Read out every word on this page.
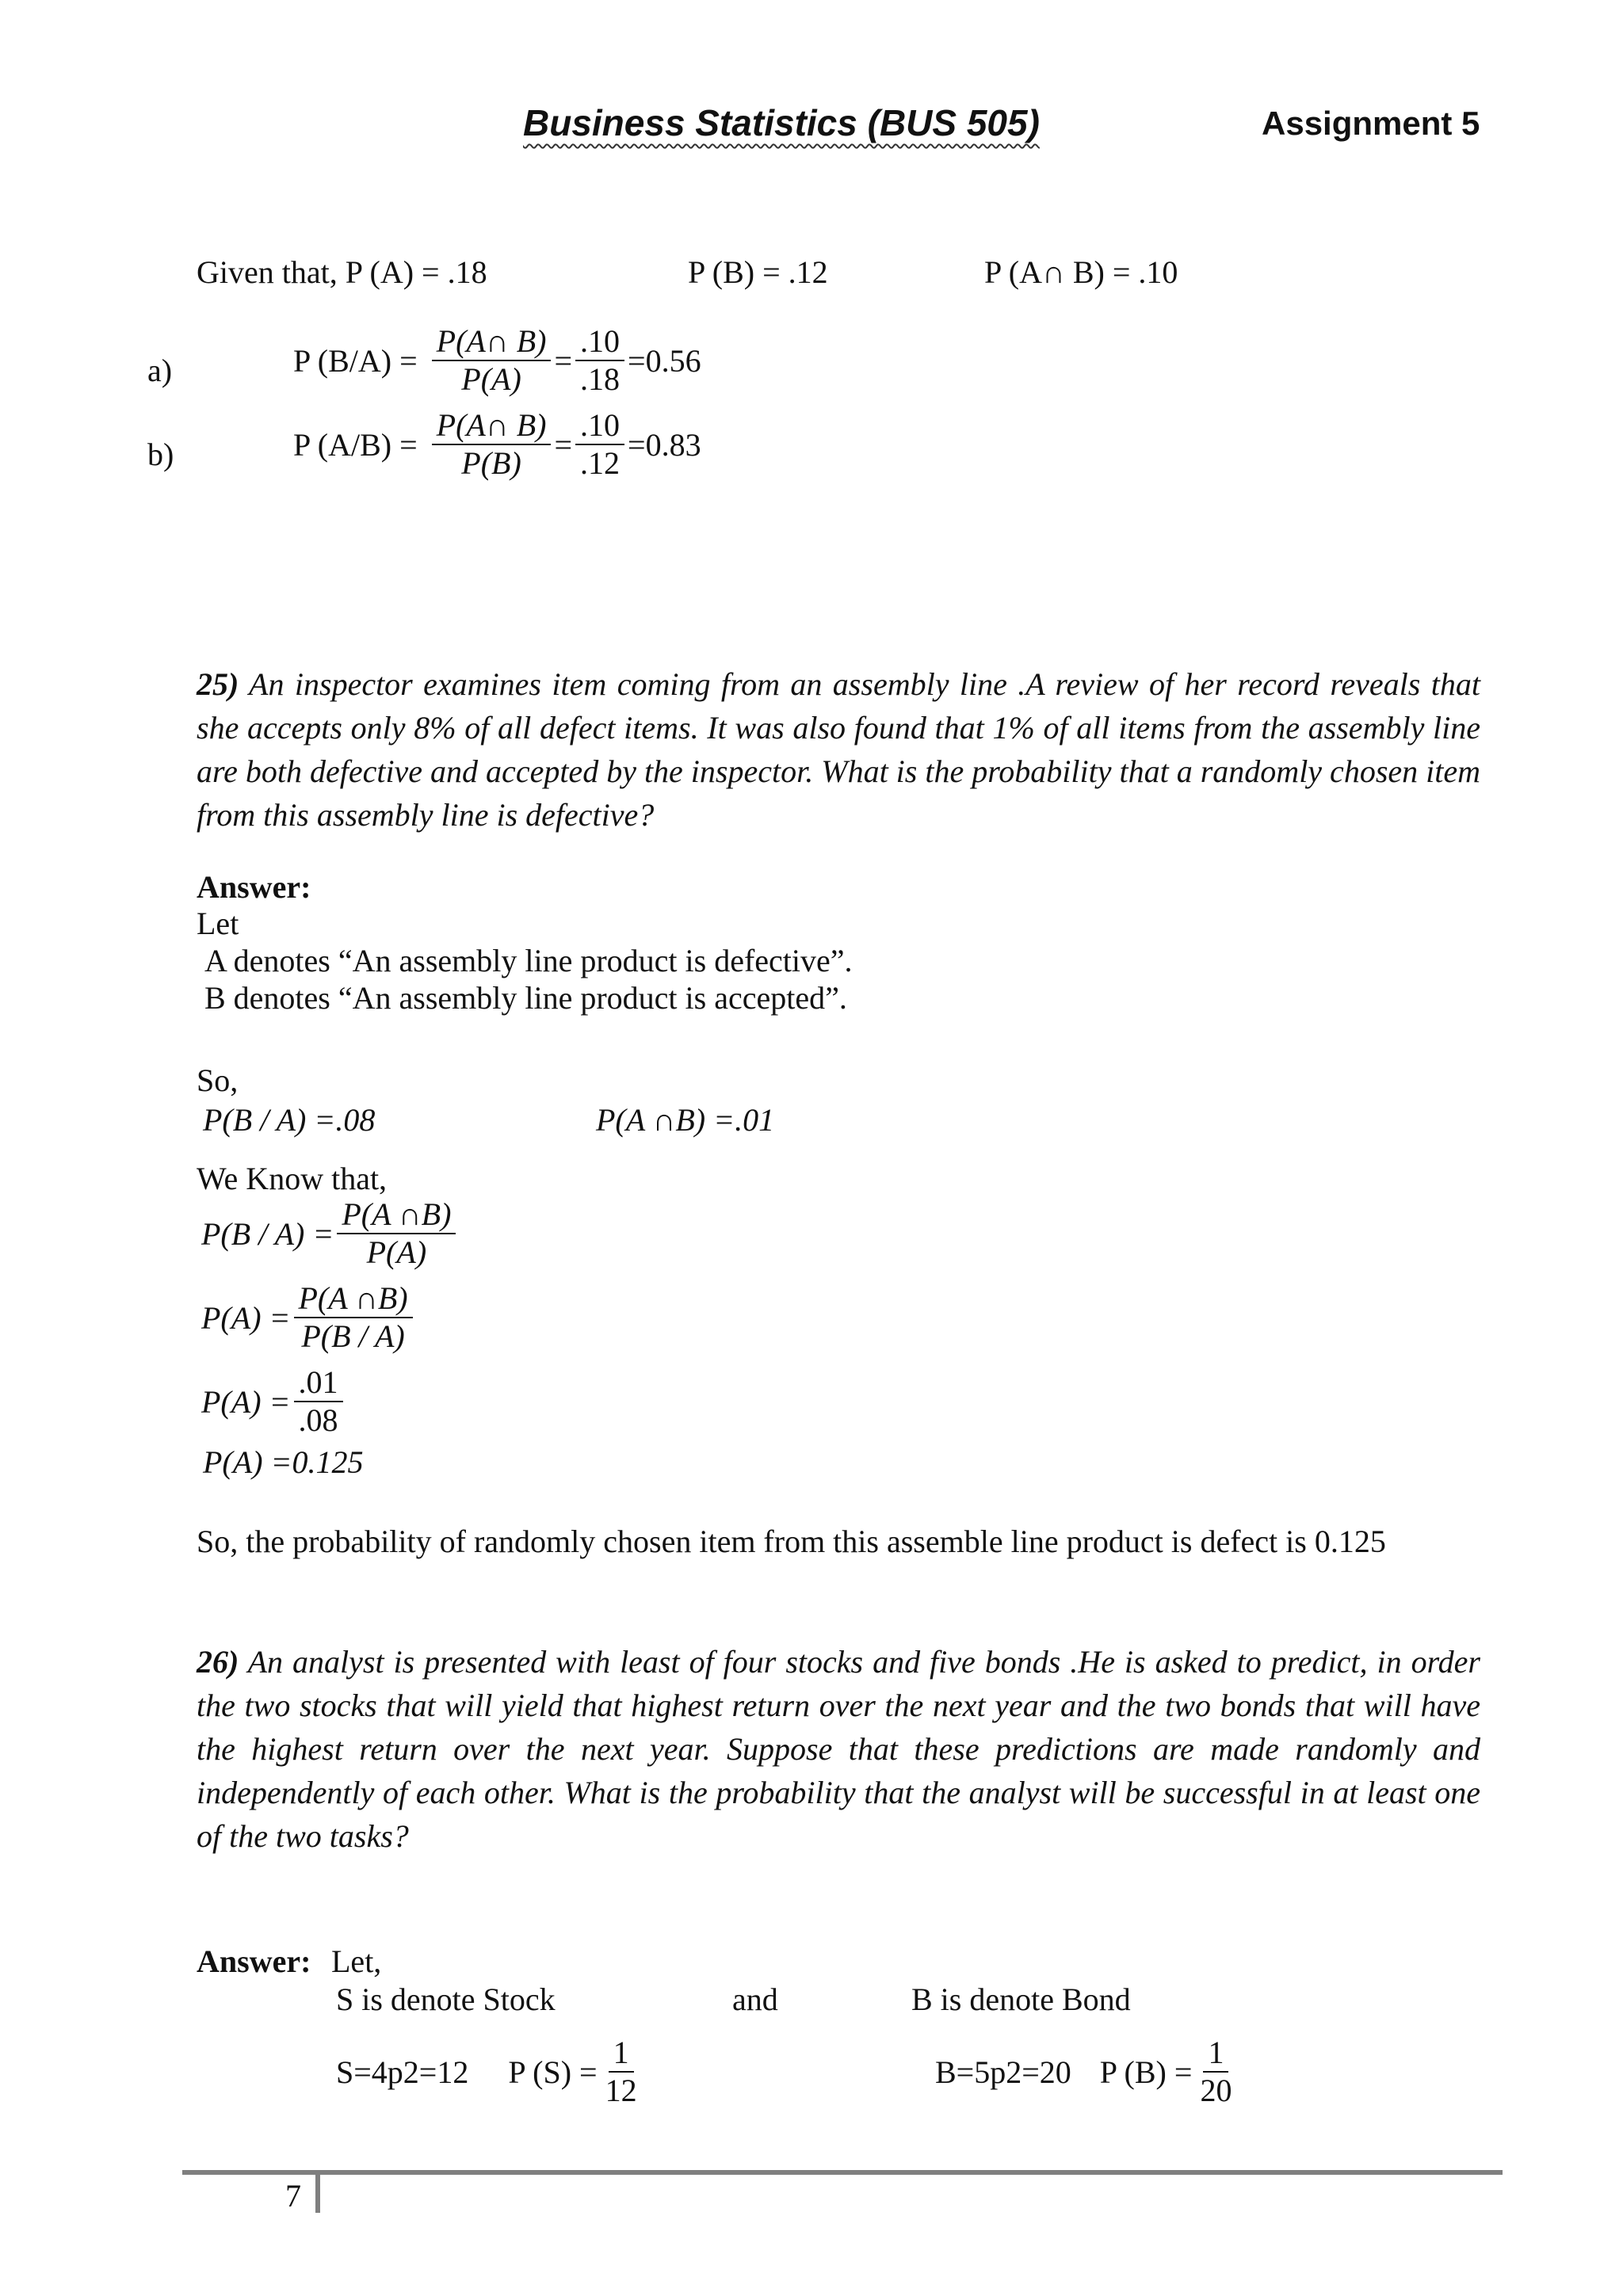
Business Statistics (BUS 505)	Assignment 5
Given that, P (A) = .18	P (B) = .12	P (A∩ B) = .10
a)	P $(B/A) = \frac{P(A\cap B)}{P(A)} = \frac{.10}{.18} =0.56$
b)	P $(A/B) = \frac{P(A\cap B)}{P(B)} = \frac{.10}{.12} =0.83$
25) An inspector examines item coming from an assembly line .A review of her record reveals that she accepts only 8% of all defect items. It was also found that 1% of all items from the assembly line are both defective and accepted by the inspector. What is the probability that a randomly chosen item from this assembly line is defective?
Answer:
Let
A denotes “An assembly line product is defective”.
B denotes “An assembly line product is accepted”.
So,
P(B / A) =.08	P(A ∩B) =.01
We Know that,
$P(B / A) = \frac{P(A \cap B)}{P(A)}$
$P(A) = \frac{P(A \cap B)}{P(B / A)}$
$P(A) = \frac{.01}{.08}$
P(A) =0.125
So, the probability of randomly chosen item from this assemble line product is defect is 0.125
26) An analyst is presented with least of four stocks and five bonds .He is asked to predict, in order the two stocks that will yield that highest return over the next year and the two bonds that will have the highest return over the next year. Suppose that these predictions are made randomly and independently of each other. What is the probability that the analyst will be successful in at least one of the two tasks?
Answer: Let,
S is denote Stock	and	B is denote Bond
S=4p2=12 P $(S) = \frac{1}{12}$	B=5p2=20 P $(B) = \frac{1}{20}$
7
